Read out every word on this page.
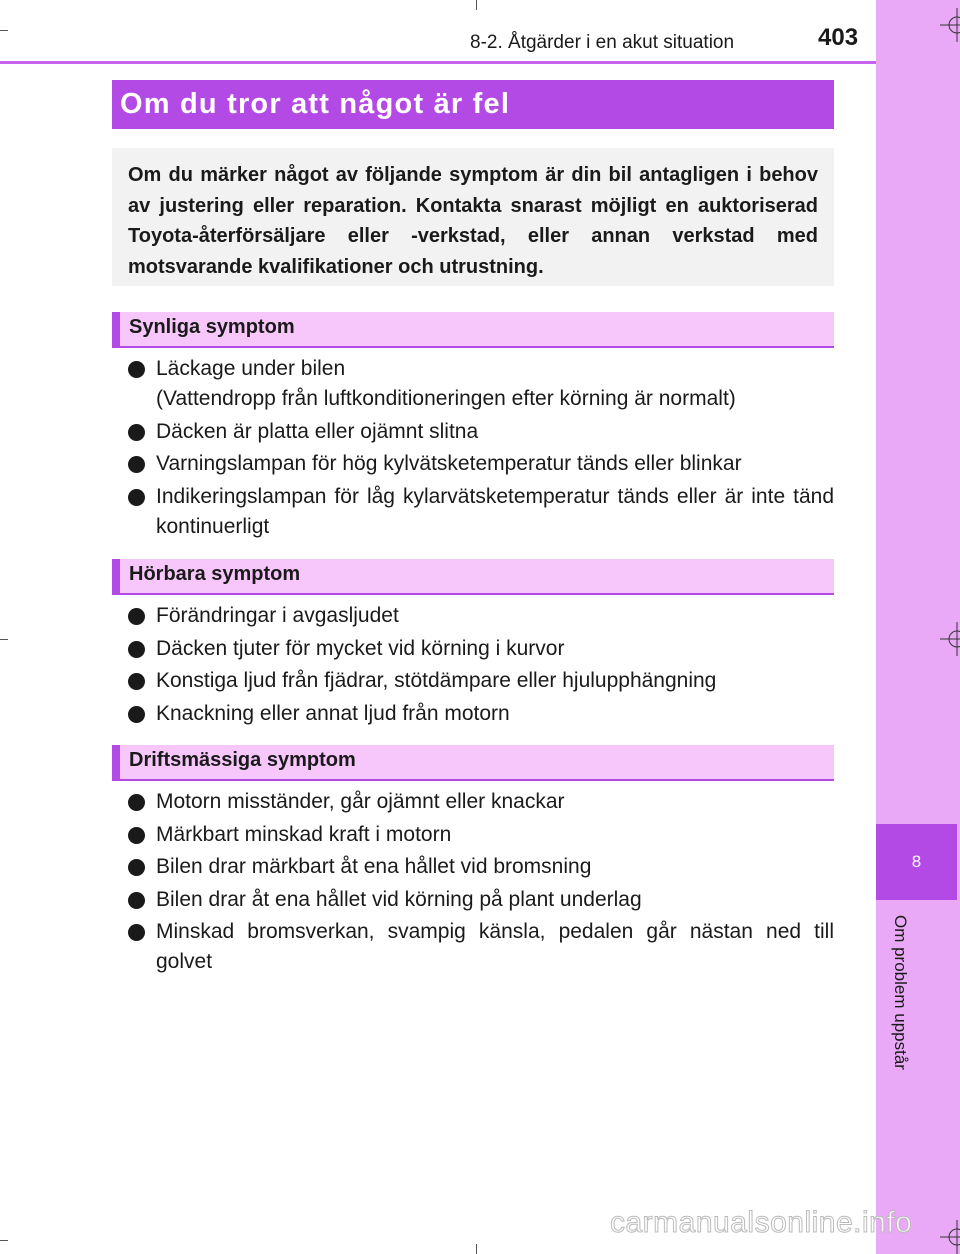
8
Om problem uppstår
8-2. Åtgärder i en akut situation	403
Om du tror att något är fel
Om du märker något av följande symptom är din bil antagligen i behov av justering eller reparation. Kontakta snarast möjligt en auktoriserad Toyota-återförsäljare eller -verkstad, eller annan verkstad med motsvarande kvalifikationer och utrustning.
Synliga symptom
Läckage under bilen
(Vattendropp från luftkonditioneringen efter körning är normalt)
Däcken är platta eller ojämnt slitna
Varningslampan för hög kylvätsketemperatur tänds eller blinkar
Indikeringslampan för låg kylarvätsketemperatur tänds eller är inte tänd kontinuerligt
Hörbara symptom
Förändringar i avgasljudet
Däcken tjuter för mycket vid körning i kurvor
Konstiga ljud från fjädrar, stötdämpare eller hjulupphängning
Knackning eller annat ljud från motorn
Driftsmässiga symptom
Motorn misständer, går ojämnt eller knackar
Märkbart minskad kraft i motorn
Bilen drar märkbart åt ena hållet vid bromsning
Bilen drar åt ena hållet vid körning på plant underlag
Minskad bromsverkan, svampig känsla, pedalen går nästan ned till golvet
carmanualsonline.info
